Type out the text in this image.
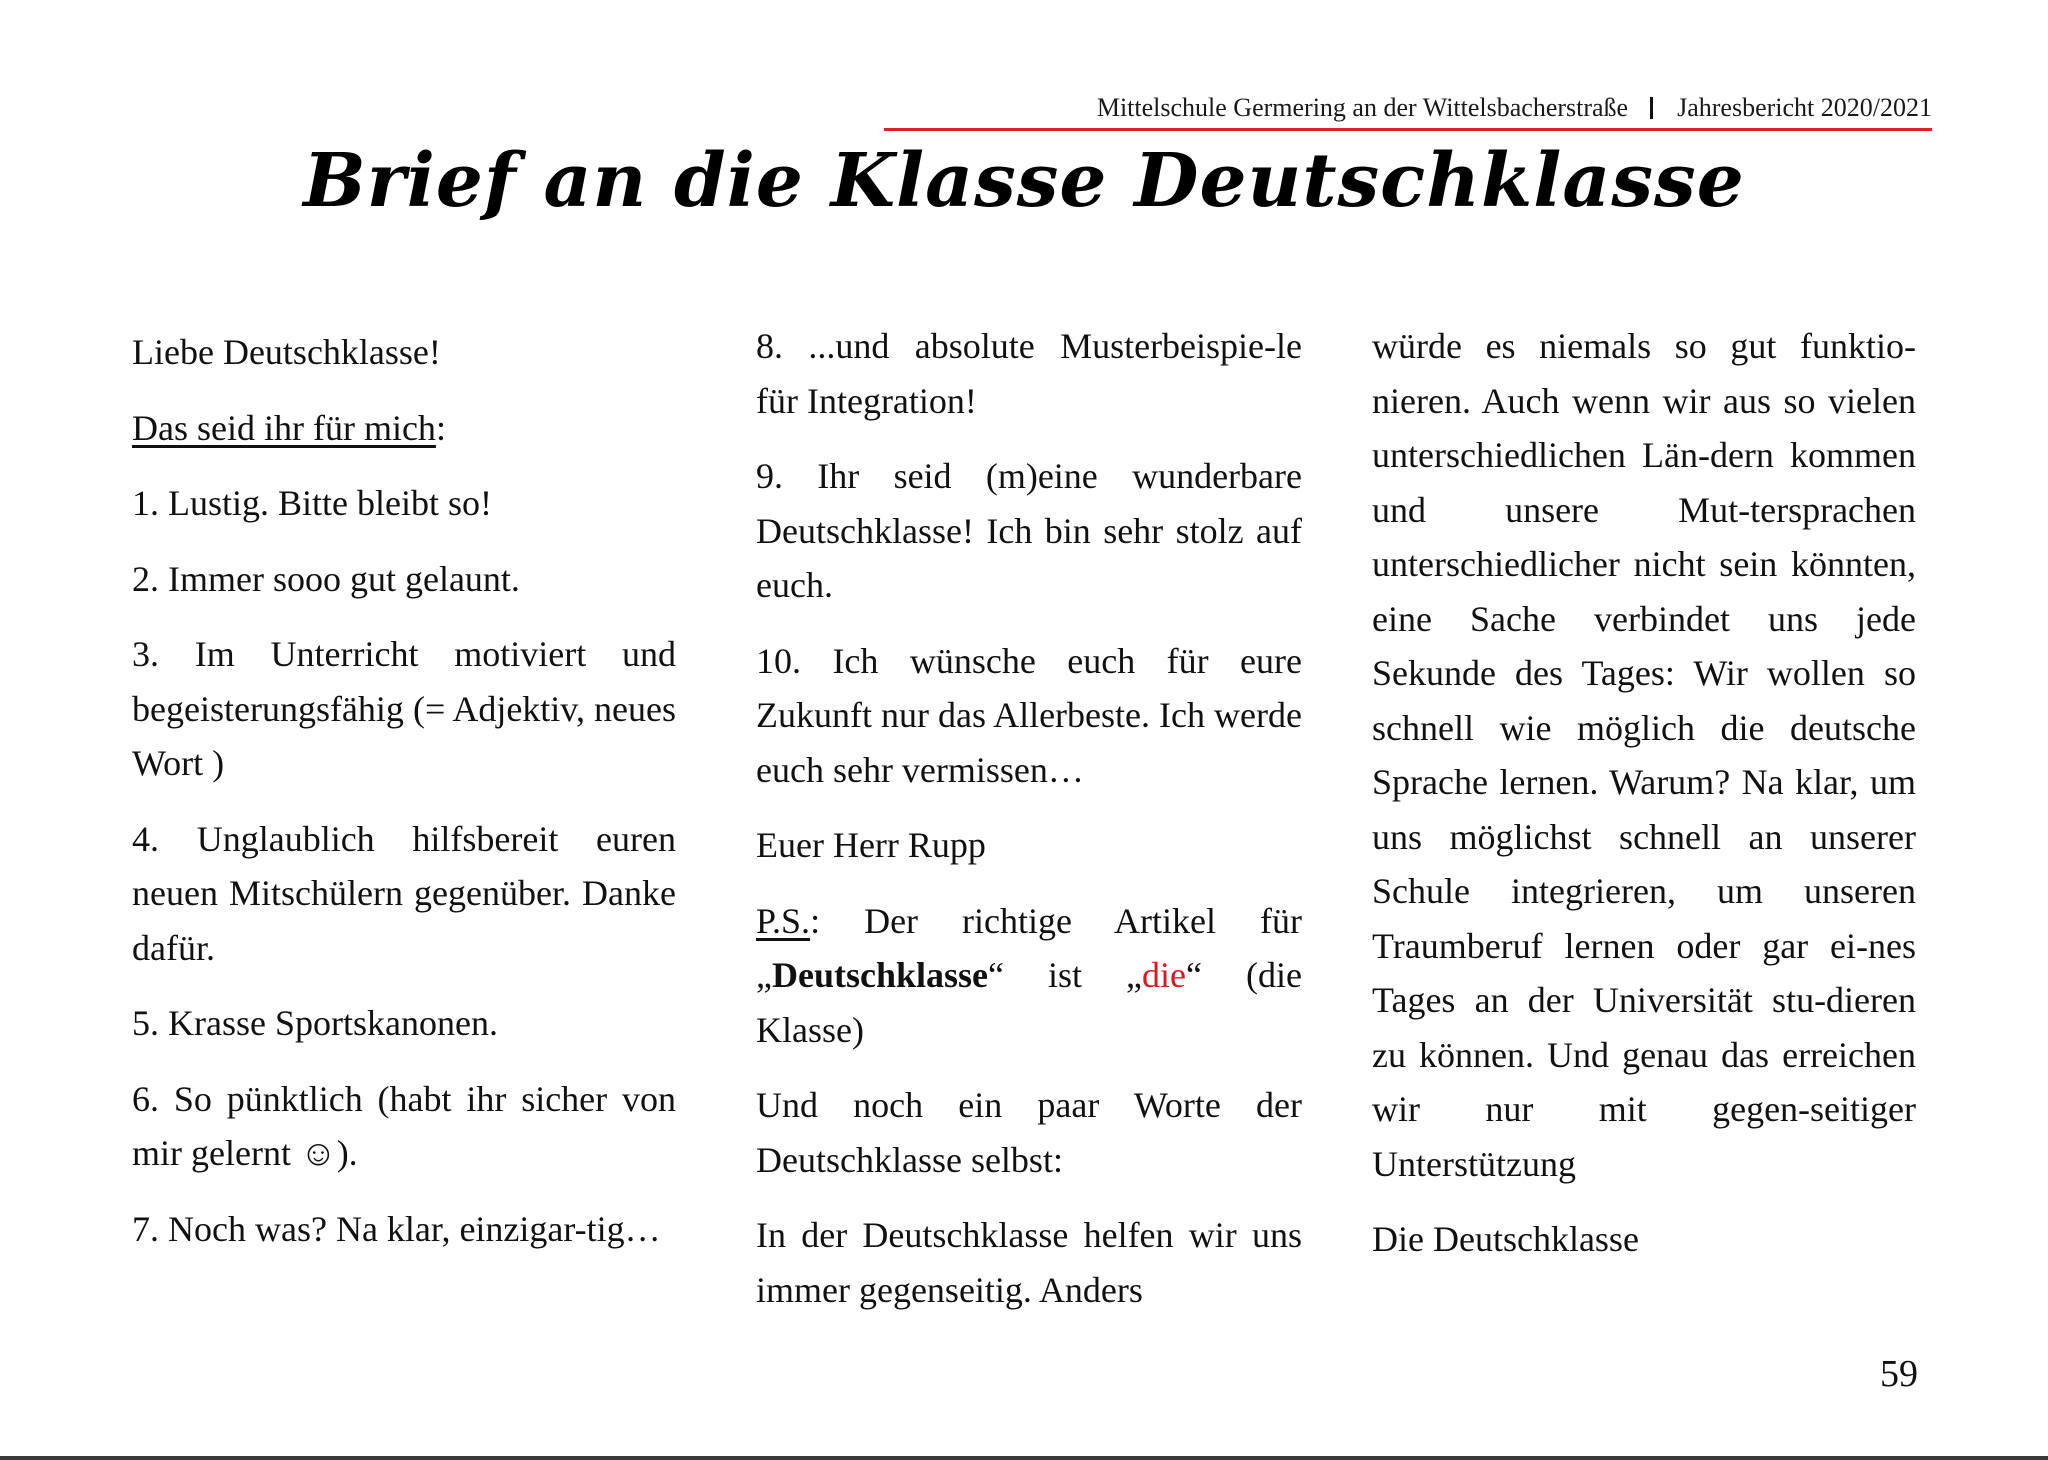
Mittelschule Germering an der Wittelsbacherstraße Jahresbericht 2020/2021
Brief an die Klasse Deutschklasse

Liebe Deutschklasse!

Das seid ihr für mich:

1. Lustig. Bitte bleibt so!

2. Immer sooo gut gelaunt.

3. Im Unterricht motiviert und begeisterungsfähig (= Adjektiv, neues Wort )

4. Unglaublich hilfsbereit euren neuen Mitschülern gegenüber. Danke dafür.

5. Krasse Sportskanonen.

6. So pünktlich (habt ihr sicher von mir gelernt ☺).

7. Noch was? Na klar, einzigar-tig…

8. ...und absolute Musterbeispie-le für Integration!

9. Ihr seid (m)eine wunderbare Deutschklasse! Ich bin sehr stolz auf euch.

10. Ich wünsche euch für eure Zukunft nur das Allerbeste. Ich werde euch sehr vermissen…

Euer Herr Rupp

P.S.: Der richtige Artikel für „Deutschklasse“ ist „die“ (die Klasse)

Und noch ein paar Worte der Deutschklasse selbst:

In der Deutschklasse helfen wir uns immer gegenseitig. Anders

würde es niemals so gut funktio-nieren. Auch wenn wir aus so vielen unterschiedlichen Län-dern kommen und unsere Mut-tersprachen unterschiedlicher nicht sein könnten, eine Sache verbindet uns jede Sekunde des Tages: Wir wollen so schnell wie möglich die deutsche Sprache lernen. Warum? Na klar, um uns möglichst schnell an unserer Schule integrieren, um unseren Traumberuf lernen oder gar ei-nes Tages an der Universität stu-dieren zu können. Und genau das erreichen wir nur mit gegen-seitiger Unterstützung

Die Deutschklasse

59
